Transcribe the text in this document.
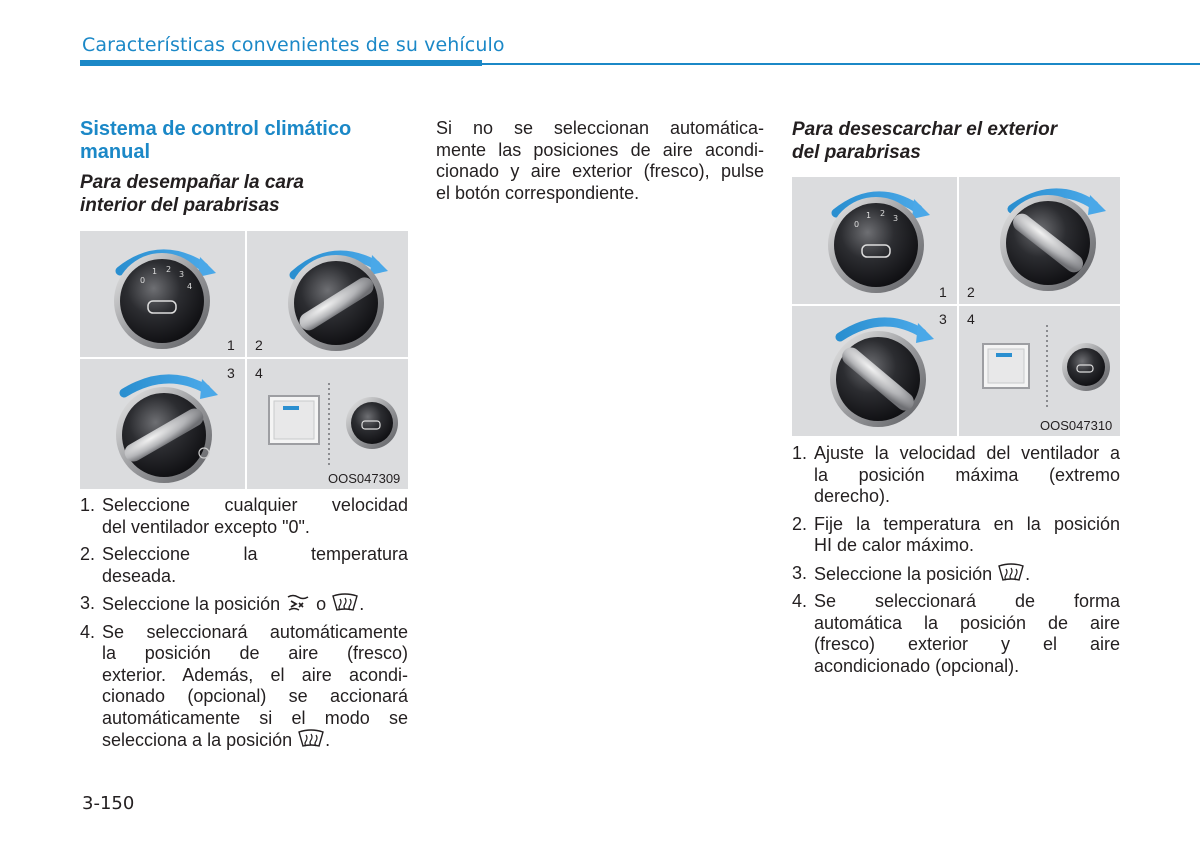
Características convenientes de su vehículo
Sistema de control climático
manual
Para desempañar la cara
interior del parabrisas
0
1 2
3
4
1 2
3 4
OOS047309
1. Seleccione cualquier velocidad
del ventilador excepto "0".
2. Seleccione la temperatura
deseada.
3. Seleccione la posición o .
4. Se seleccionará automáticamente
la posición de aire (fresco)
exterior. Además, el aire acondi-
cionado (opcional) se accionará
automáticamente si el modo se
selecciona a la posición .
Si no se seleccionan automática-
mente las posiciones de aire acondi-
cionado y aire exterior (fresco), pulse
el botón correspondiente.
Para desescarchar el exterior
del parabrisas
0
1 2
3
1 2
3 4
OOS047310
1. Ajuste la velocidad del ventilador a
la posición máxima (extremo
derecho).
2. Fije la temperatura en la posición
HI de calor máximo.
3. Seleccione la posición .
4. Se seleccionará de forma
automática la posición de aire
(fresco) exterior y el aire
acondicionado (opcional).
3-150
